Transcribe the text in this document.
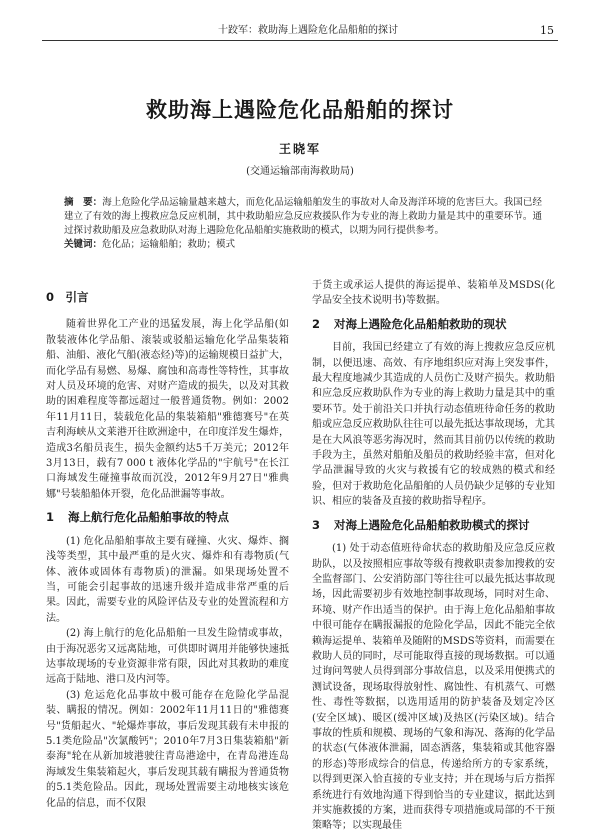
十跤军：救助海上遇险危化品船舶的探讨	15
救助海上遇险危化品船舶的探讨
王晓军
(交通运输部南海救助局)
摘　要：海上危险化学品运输量越来越大，而危化品运输船舶发生的事故对人命及海洋环境的危害巨大。我国已经建立了有效的海上搜救应急反应机制，其中救助船应急反应救援队作为专业的海上救助力量是其中的重要环节。通过探讨救助船及应急救助队对海上遇险危化品船舶实施救助的模式，以期为同行提供参考。
关键词：危化品；运输船舶；救助；模式
0　引言

随着世界化工产业的迅猛发展，海上化学品船(如散装液体化学品船、滚装或驳船运输危化学品集装箱船、油船、液化气船(液态烃)等)的运输规模日益扩大，而化学品有易燃、易爆、腐蚀和高毒性等特性，其事故对人员及环境的危害、对财产造成的损失，以及对其救助的困难程度等都远超过一般普通货物。例如：2002年11月11日，装载危化品的集装箱船"雅德赛号"在英吉利海峡从文莱港开往欧洲途中，在印度洋发生爆炸，造成3名船员丧生，损失金额约达5千万美元；2012年3月13日，载有7 000 t 液体化学品的"宇航号"在长江口海域发生碰撞事故而沉没，2012年9月27日"雅典娜"号装船船体开裂，危化品泄漏等事故。

1 海上航行危化品船舶事故的特点

(1) 危化品船舶事故主要有碰撞、火灾、爆炸、搁浅等类型，其中最严重的是火灾、爆炸和有毒物质(气体、液体或固体有毒物质)的泄漏。如果现场处置不当，可能会引起事故的迅速升级并造成非常严重的后果。因此，需要专业的风险评估及专业的处置流程和方法。

(2) 海上航行的危化品船舶一旦发生险情或事故，由于海况恶劣又远离陆地，可供即时调用并能够快速抵达事故现场的专业资源非常有限，因此对其救助的难度远高于陆地、港口及内河等。

(3) 危运危化品事故中极可能存在危险化学品混装、瞒报的情况。例如：2002年11月11日的"雅德赛号"货船起火、"轮爆炸事故，事后发现其载有未申报的5.1类危险品"次氯酸钙"；2010年7月3日集装箱船"新泰海"轮在从新加坡港驶往青岛港途中，在青岛港连岛海域发生集装箱起火，事后发现其载有瞒报为普通货物的5.1类危险品。因此，现场处置需要主动地核实该危化品的信息，而不仅限

于货主或承运人提供的海运提单、装箱单及MSDS(化学品安全技术说明书)等数据。

2 对海上遇险危化品船舶救助的现状

目前，我国已经建立了有效的海上搜救应急反应机制，以便迅速、高效、有序地组织应对海上突发事件，最大程度地减少其造成的人员伤亡及财产损失。救助船和应急反应救助队作为专业的海上救助力量是其中的重要环节。处于前沿关口并执行动态值班待命任务的救助船或应急反应救助队往往可以最先抵达事故现场，尤其是在大风浪等恶劣海况时，然而其目前仍以传统的救助手段为主，虽然对船舶及船员的救助经验丰富，但对化学品泄漏导致的火灾与救援有它的较成熟的模式和经验，但对于救助危化品船舶的人员仍缺少足够的专业知识、相应的装备及直接的救助指导程序。

3 对海上遇险危化品船舶救助模式的探讨

(1) 处于动态值班待命状态的救助船及应急反应救助队，以及按照相应事故等级有搜救职责参加搜救的安全监督部门、公安消防部门等往往可以最先抵达事故现场，因此需要初步有效地控制事故现场，同时对生命、环境、财产作出适当的保护。由于海上危化品船舶事故中很可能存在瞒报漏报的危险化学品，因此不能完全依赖海运提单、装箱单及随附的MSDS等资料，而需要在救助人员的同时，尽可能取得直接的现场数据。可以通过询问驾驶人员得到部分事故信息，以及采用便携式的测试设备，现场取得放射性、腐蚀性、有机蒸气、可燃性、毒性等数据，以选用适用的防护装备及划定冷区(安全区域)、暖区(缓冲区域)及热区(污染区域)。结合事故的性质和规模、现场的气象和海况、落海的化学品的状态(气体液体泄漏，固态洒落，集装箱或其他容器的形态)等形成综合的信息，传递给所方的专家系统，以得到更深入恰直接的专业支持；并在现场与后方指挥系统进行有效地沟通下得到恰当的专业建议，据此达到并实施救援的方案，进而获得专项措施或局部的不干预策略等；以实现最佳
